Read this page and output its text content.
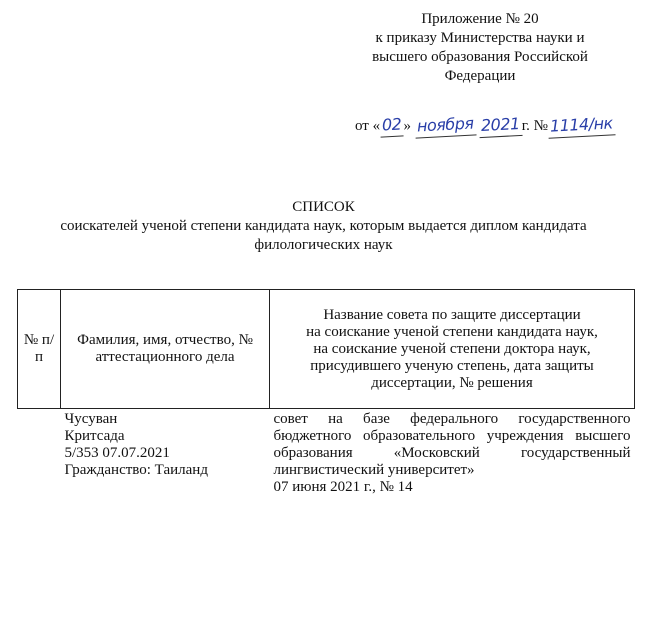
Приложение № 20
к приказу Министерства науки и
высшего образования Российской
Федерации
от «02 » ноября 2021 г. №1114/нк
СПИСОК
соискателей ученой степени кандидата наук, которым выдается диплом кандидата
филологических наук
№ п/п	Фамилия, имя, отчество, № аттестационного дела	Название совета по защите диссертации
на соискание ученой степени кандидата наук,
на соискание ученой степени доктора наук,
присудившего ученую степень, дата защиты
диссертации, № решения

	Чусуван
Критсада
5/353 07.07.2021
Гражданство: Таиланд	совет на базе федерального государственного бюджетного образовательного учреждения высшего образования «Московский государственный лингвистический университет»
07 июня 2021 г., № 14
